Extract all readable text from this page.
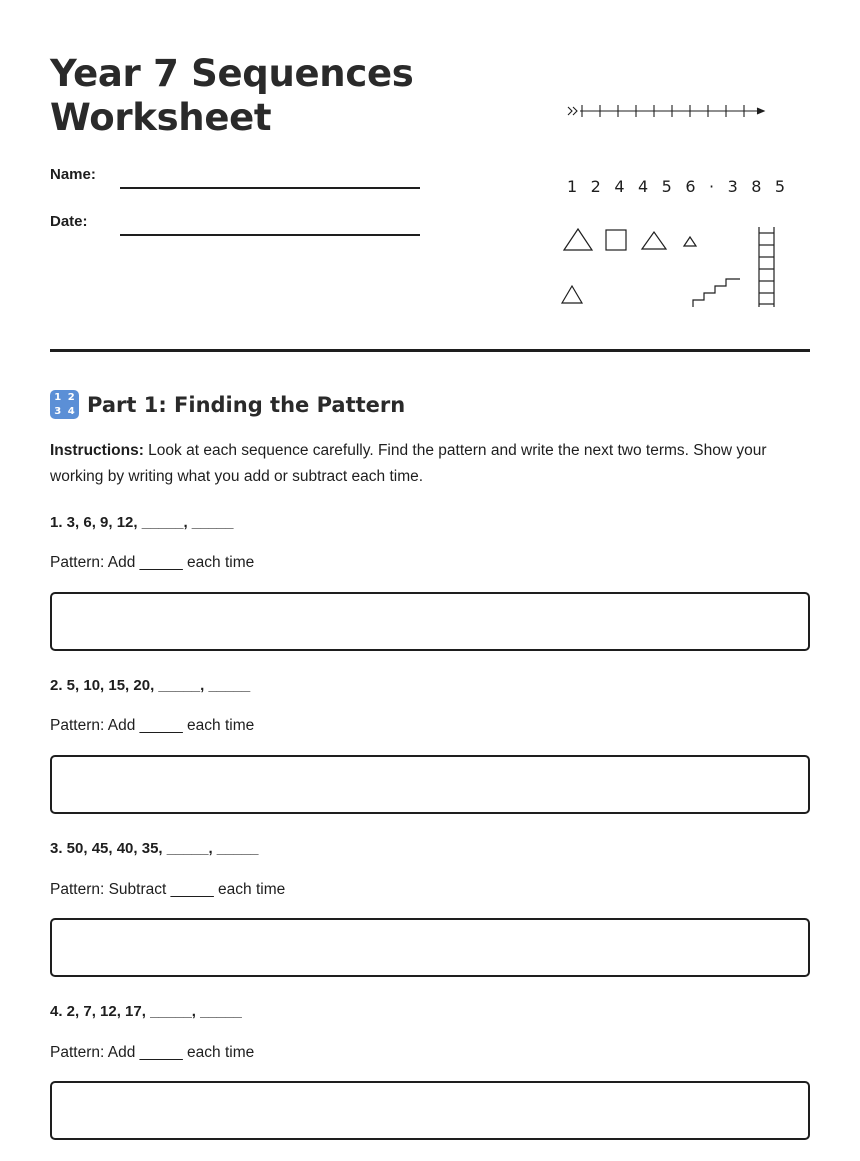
Year 7 Sequences
Worksheet
Name:
Date:
1 2 4 4 5 6 · 3 8 5
1 2
3 4 Part 1: Finding the Pattern

Instructions: Look at each sequence carefully. Find the pattern and write the next two terms. Show your working by writing what you add or subtract each time.

1. 3, 6, 9, 12, _____, _____
Pattern: Add _____ each time
2. 5, 10, 15, 20, _____, _____
Pattern: Add _____ each time
3. 50, 45, 40, 35, _____, _____
Pattern: Subtract _____ each time
4. 2, 7, 12, 17, _____, _____
Pattern: Add _____ each time
